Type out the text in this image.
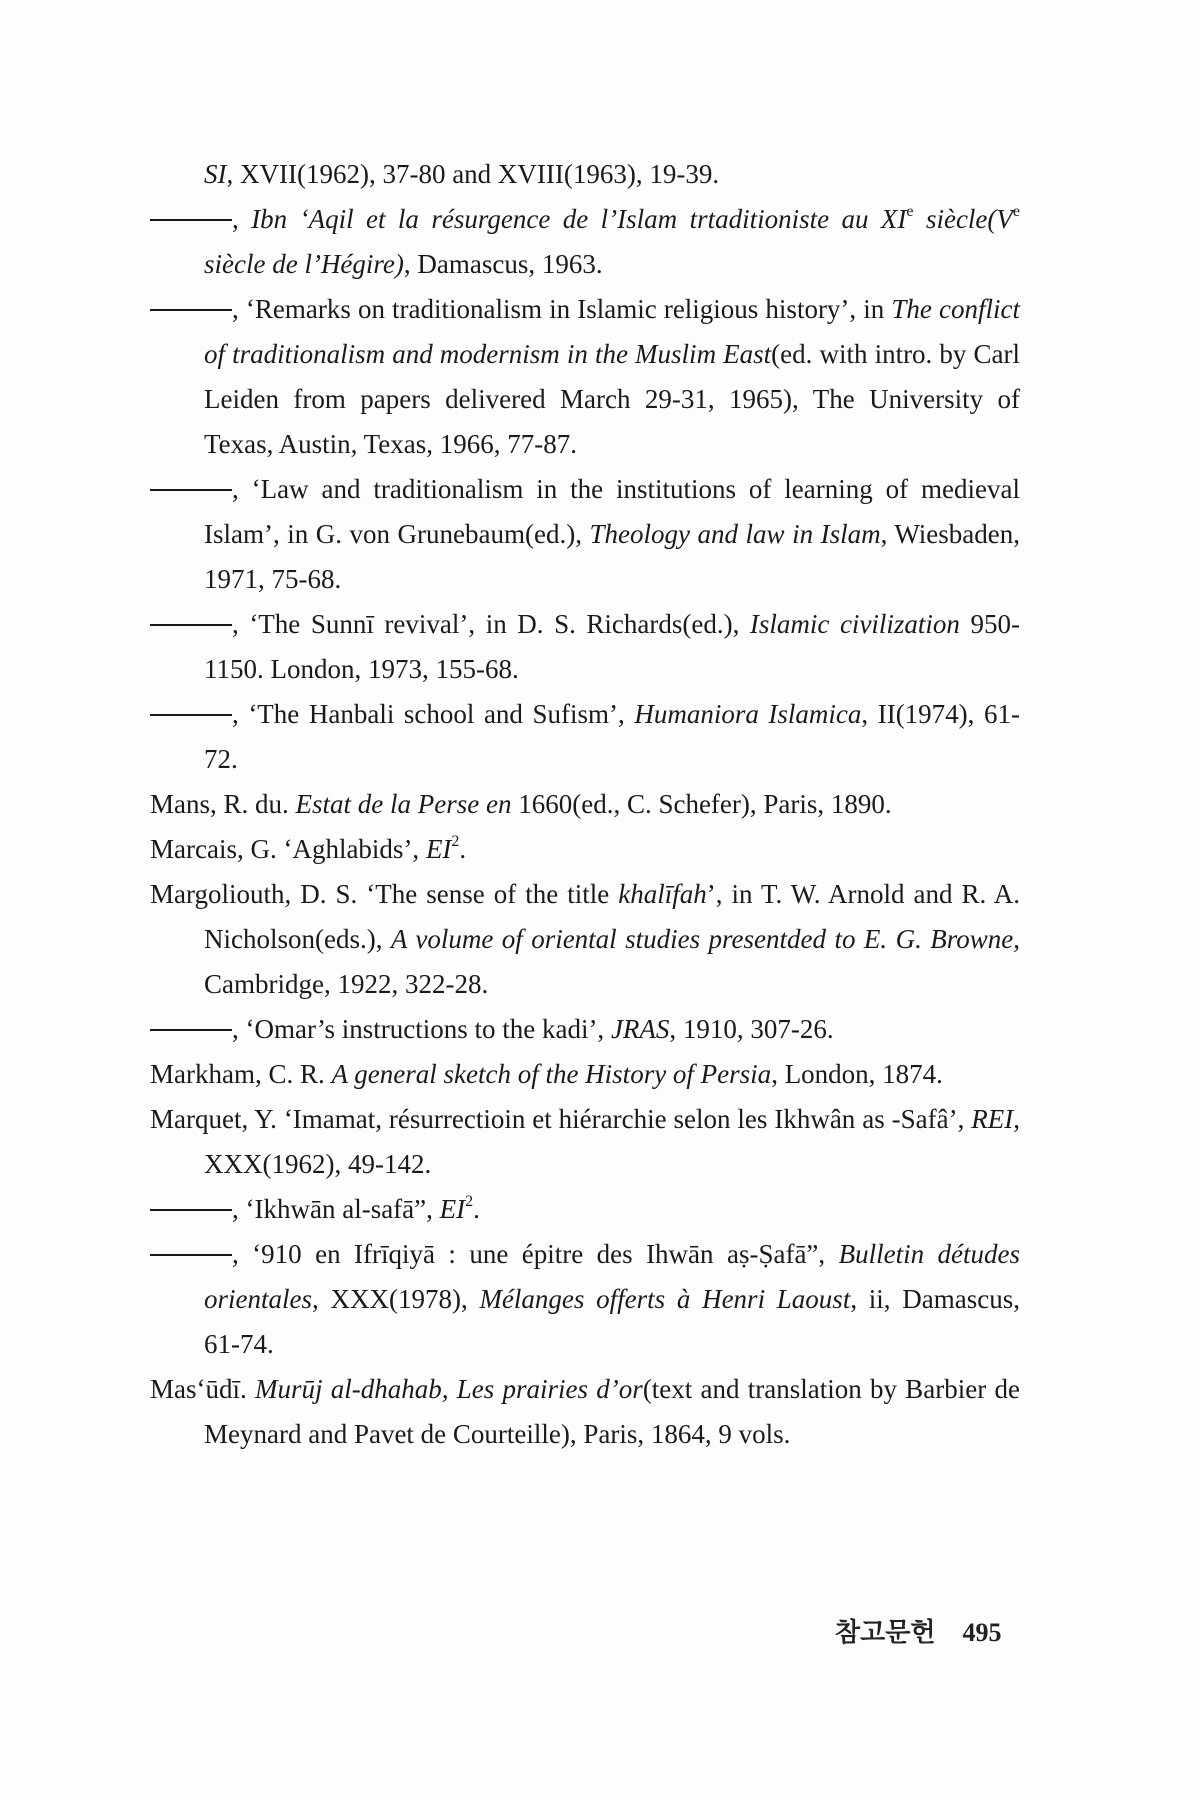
SI, XVII(1962), 37-80 and XVIII(1963), 19-39.

, Ibn ‘Aqil et la résurgence de l’Islam trtaditioniste au XIe siècle(Ve siècle de l’Hégire), Damascus, 1963.

, ‘Remarks on traditionalism in Islamic religious history’, in The conflict of traditionalism and modernism in the Muslim East(ed. with intro. by Carl Leiden from papers delivered March 29-31, 1965), The University of Texas, Austin, Texas, 1966, 77-87.

, ‘Law and traditionalism in the institutions of learning of medieval Islam’, in G. von Grunebaum(ed.), Theology and law in Islam, Wiesbaden, 1971, 75-68.

, ‘The Sunnī revival’, in D. S. Richards(ed.), Islamic civilization 950-1150. London, 1973, 155-68.

, ‘The Hanbali school and Sufism’, Humaniora Islamica, II(1974), 61-72.

Mans, R. du. Estat de la Perse en 1660(ed., C. Schefer), Paris, 1890.

Marcais, G. ‘Aghlabids’, $EI^2$.

Margoliouth, D. S. ‘The sense of the title khalīfah’, in T. W. Arnold and R. A. Nicholson(eds.), A volume of oriental studies presentded to E. G. Browne, Cambridge, 1922, 322-28.

, ‘Omar’s instructions to the kadi’, JRAS, 1910, 307-26.

Markham, C. R. A general sketch of the History of Persia, London, 1874.

Marquet, Y. ‘Imamat, résurrectioin et hiérarchie selon les Ikhwân as -Safâ’, REI, XXX(1962), 49-142.

, ‘Ikhwān al-safā”, $EI^2$.

, ‘910 en Ifrīqiyā : une épitre des Ihwān aṣ-Ṣafā”, Bulletin détudes orientales, XXX(1978), Mélanges offerts à Henri Laoust, ii, Damascus, 61-74.

Mas‘ūdī. Murūj al-dhahab, Les prairies d’or(text and translation by Barbier de Meynard and Pavet de Courteille), Paris, 1864, 9 vols.

참고문헌 495
